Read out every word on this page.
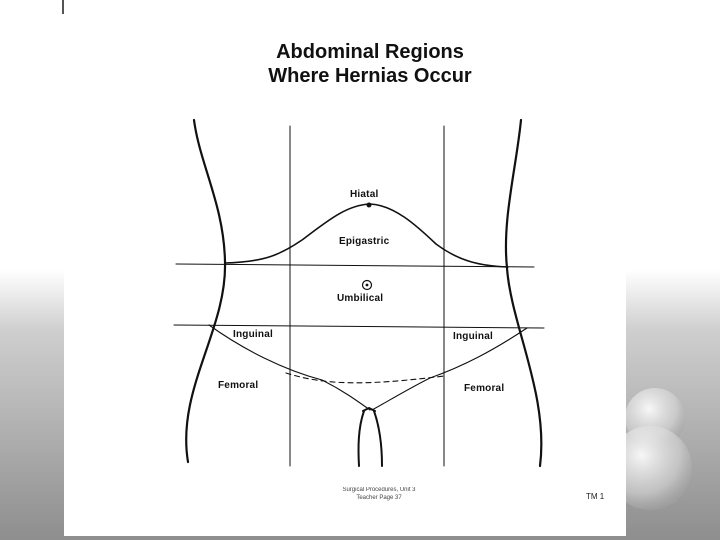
Abdominal Regions
Where Hernias Occur
Hiatal
Epigastric
Umbilical
Inguinal	Inguinal
Femoral	Femoral
Surgical Procedures, Unit 3
Teacher Page 37	TM 1
